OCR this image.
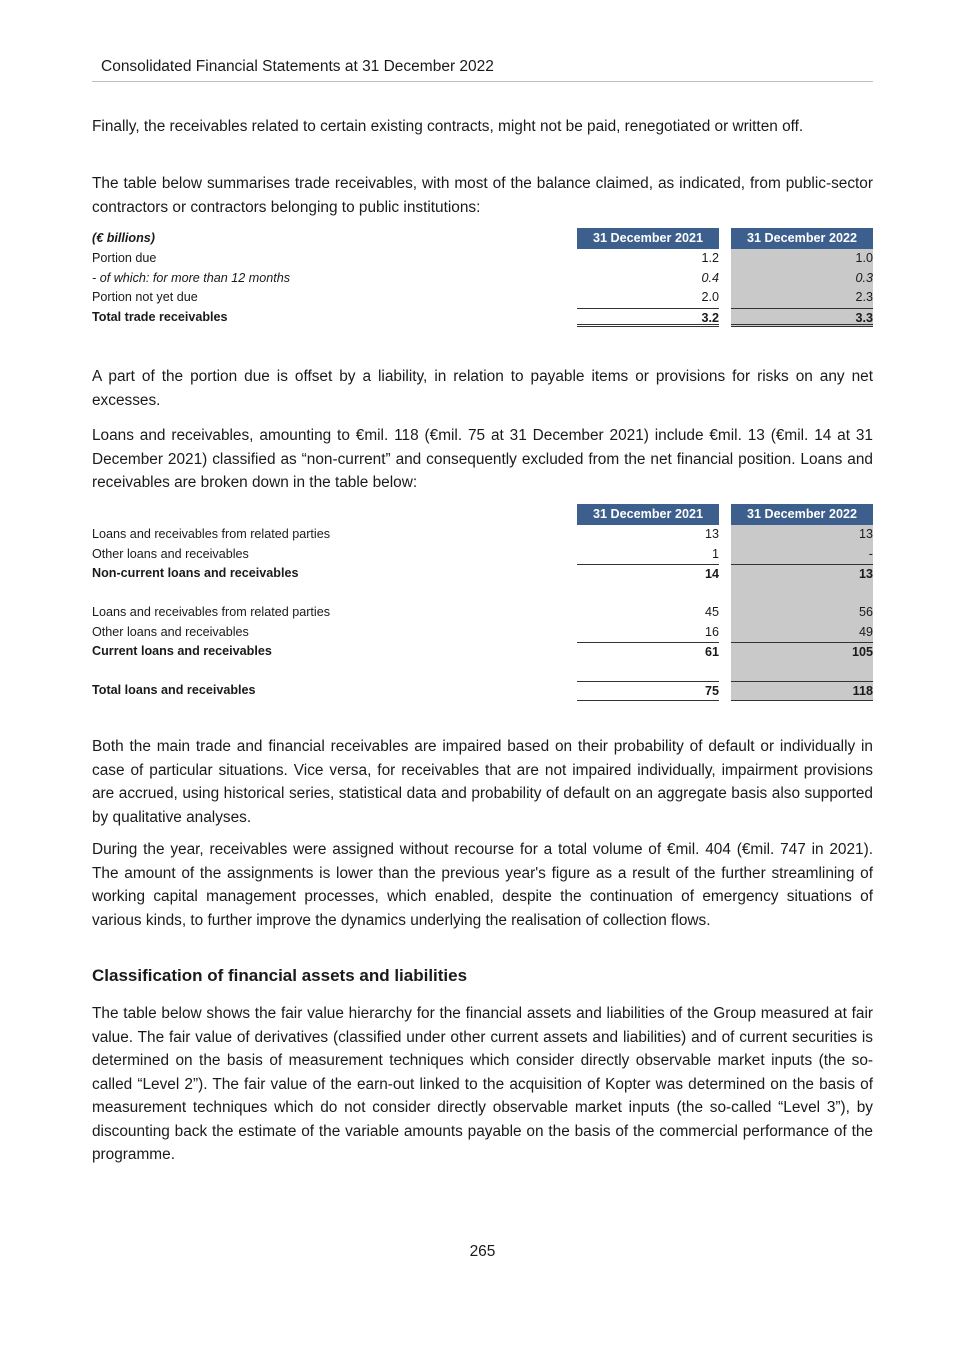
Consolidated Financial Statements at 31 December 2022

Finally, the receivables related to certain existing contracts, might not be paid, renegotiated or written off.

The table below summarises trade receivables, with most of the balance claimed, as indicated, from public-sector contractors or contractors belonging to public institutions:

(€ billions)	31 December 2021	31 December 2022
Portion due	1.2	1.0
- of which: for more than 12 months	0.4	0.3
Portion not yet due	2.0	2.3
Total trade receivables	3.2	3.3

A part of the portion due is offset by a liability, in relation to payable items or provisions for risks on any net excesses.

Loans and receivables, amounting to €mil. 118 (€mil. 75 at 31 December 2021) include €mil. 13 (€mil. 14 at 31 December 2021) classified as “non-current” and consequently excluded from the net financial position. Loans and receivables are broken down in the table below:

31 December 2021	31 December 2022
Loans and receivables from related parties	13	13
Other loans and receivables	1	-
Non-current loans and receivables	14	13
Loans and receivables from related parties	45	56
Other loans and receivables	16	49
Current loans and receivables	61	105
Total loans and receivables	75	118

Both the main trade and financial receivables are impaired based on their probability of default or individually in case of particular situations. Vice versa, for receivables that are not impaired individually, impairment provisions are accrued, using historical series, statistical data and probability of default on an aggregate basis also supported by qualitative analyses.

During the year, receivables were assigned without recourse for a total volume of €mil. 404 (€mil. 747 in 2021). The amount of the assignments is lower than the previous year's figure as a result of the further streamlining of working capital management processes, which enabled, despite the continuation of emergency situations of various kinds, to further improve the dynamics underlying the realisation of collection flows.

Classification of financial assets and liabilities

The table below shows the fair value hierarchy for the financial assets and liabilities of the Group measured at fair value. The fair value of derivatives (classified under other current assets and liabilities) and of current securities is determined on the basis of measurement techniques which consider directly observable market inputs (the so-called “Level 2”). The fair value of the earn-out linked to the acquisition of Kopter was determined on the basis of measurement techniques which do not consider directly observable market inputs (the so-called “Level 3”), by discounting back the estimate of the variable amounts payable on the basis of the commercial performance of the programme.

265
